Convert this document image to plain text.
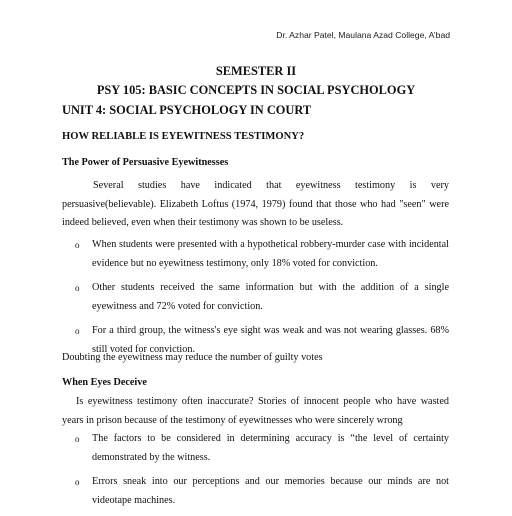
Dr. Azhar Patel, Maulana Azad College, A’bad
SEMESTER II
PSY 105: BASIC CONCEPTS IN SOCIAL PSYCHOLOGY
UNIT 4: SOCIAL PSYCHOLOGY IN COURT
HOW RELIABLE IS EYEWITNESS TESTIMONY?
The Power of Persuasive Eyewitnesses

Several studies have indicated that eyewitness testimony is very persuasive(believable). Elizabeth Loftus (1974, 1979) found that those who had "seen" were indeed believed, even when their testimony was shown to be useless.

o When students were presented with a hypothetical robbery-murder case with incidental evidence but no eyewitness testimony, only 18% voted for conviction.
o Other students received the same information but with the addition of a single eyewitness and 72% voted for conviction.
o For a third group, the witness's eye sight was weak and was not wearing glasses. 68% still voted for conviction.
Doubting the eyewitness may reduce the number of guilty votes
When Eyes Deceive

Is eyewitness testimony often inaccurate? Stories of innocent people who have wasted years in prison because of the testimony of eyewitnesses who were sincerely wrong

o The factors to be considered in determining accuracy is “the level of certainty demonstrated by the witness.
o Errors sneak into our perceptions and our memories because our minds are not videotape machines.
